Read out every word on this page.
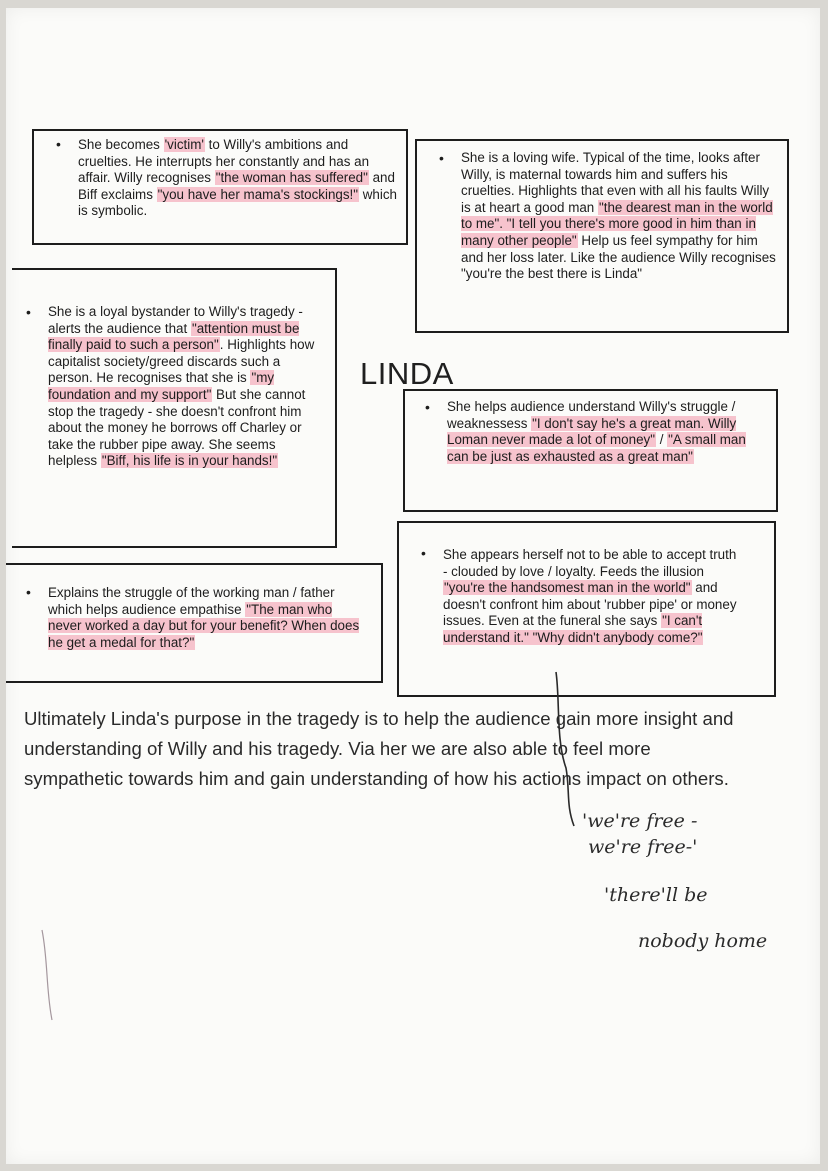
• She becomes 'victim' to Willy's ambitions and cruelties. He interrupts her constantly and has an affair. Willy recognises "the woman has suffered" and Biff exclaims "you have her mama's stockings!" which is symbolic.
• She is a loving wife. Typical of the time, looks after Willy, is maternal towards him and suffers his cruelties. Highlights that even with all his faults Willy is at heart a good man "the dearest man in the world to me". "I tell you there's more good in him than in many other people" Help us feel sympathy for him and her loss later. Like the audience Willy recognises "you're the best there is Linda"
• She is a loyal bystander to Willy's tragedy - alerts the audience that "attention must be finally paid to such a person". Highlights how capitalist society/greed discards such a person. He recognises that she is "my foundation and my support" But she cannot stop the tragedy - she doesn't confront him about the money he borrows off Charley or take the rubber pipe away. She seems helpless "Biff, his life is in your hands!"
LINDA
• She helps audience understand Willy's struggle / weaknessess "I don't say he's a great man. Willy Loman never made a lot of money" / "A small man can be just as exhausted as a great man"
• She appears herself not to be able to accept truth - clouded by love / loyalty. Feeds the illusion "you're the handsomest man in the world" and doesn't confront him about 'rubber pipe' or money issues. Even at the funeral she says "I can't understand it." "Why didn't anybody come?"
• Explains the struggle of the working man / father which helps audience empathise "The man who never worked a day but for your benefit? When does he get a medal for that?"
Ultimately Linda's purpose in the tragedy is to help the audience gain more insight and understanding of Willy and his tragedy. Via her we are also able to feel more sympathetic towards him and gain understanding of how his actions impact on others.
'we're free -
we're free-'
'there'll be
nobody home
